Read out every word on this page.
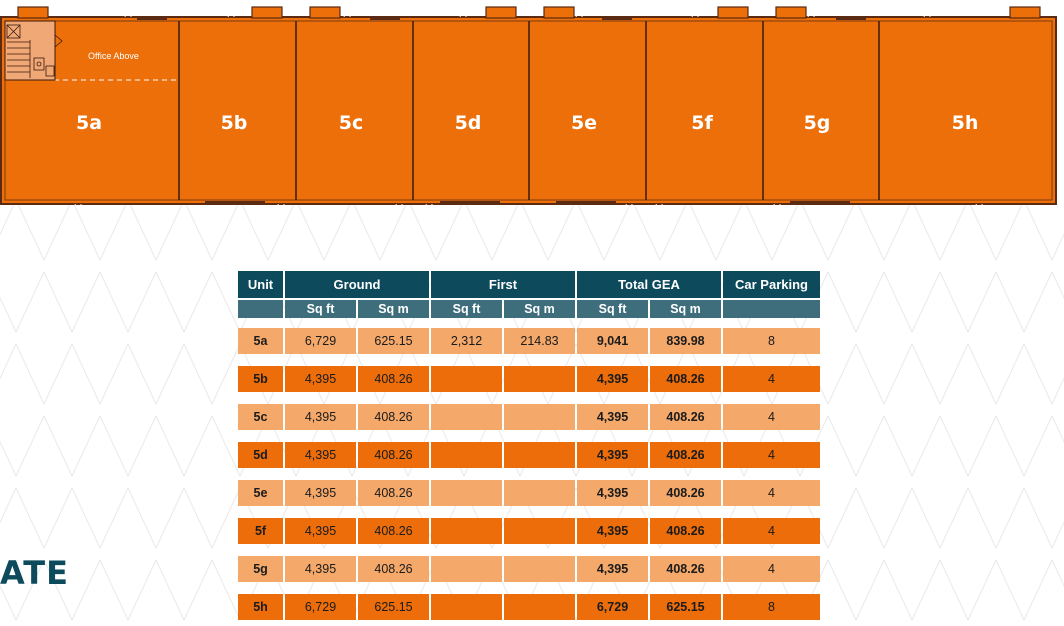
Office Above
5a	5b	5c	5d	5e	5f	5g	5h
ATE
Unit	Ground		First		Total GEA		Car Parking
	Sq ft	Sq m	Sq ft	Sq m	Sq ft	Sq m	

5a	6,729	625.15	2,312	214.83	9,041	839.98	8

5b	4,395	408.26			4,395	408.26	4

5c	4,395	408.26			4,395	408.26	4

5d	4,395	408.26			4,395	408.26	4

5e	4,395	408.26			4,395	408.26	4

5f	4,395	408.26			4,395	408.26	4

5g	4,395	408.26			4,395	408.26	4

5h	6,729	625.15			6,729	625.15	8
